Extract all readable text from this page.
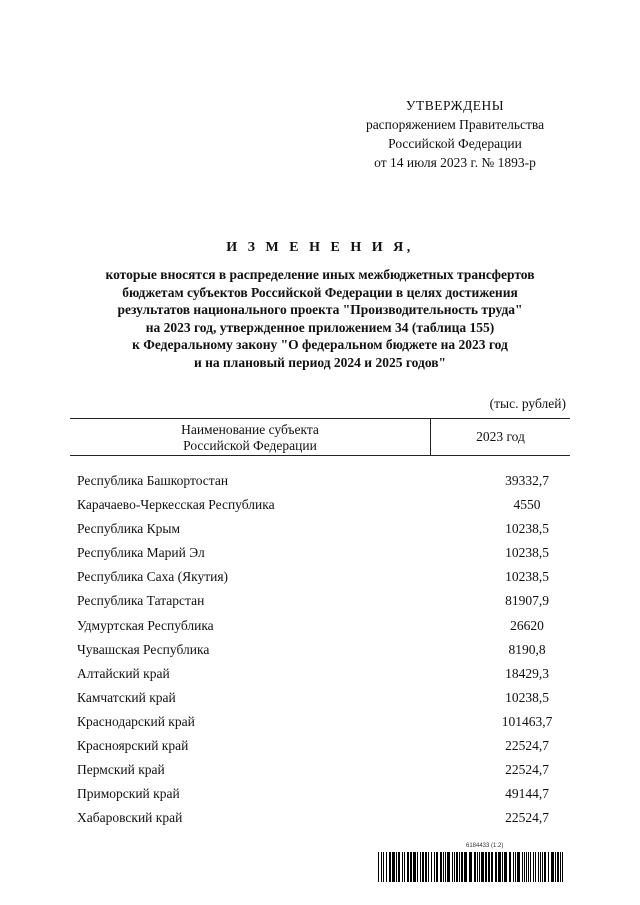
УТВЕРЖДЕНЫ
распоряжением Правительства
Российской Федерации
от 14 июля 2023 г. № 1893-р
И З М Е Н Е Н И Я,
которые вносятся в распределение иных межбюджетных трансфертов
бюджетам субъектов Российской Федерации в целях достижения
результатов национального проекта "Производительность труда"
на 2023 год, утвержденное приложением 34 (таблица 155)
к Федеральному закону "О федеральном бюджете на 2023 год
и на плановый период 2024 и 2025 годов"
(тыс. рублей)
Наименование субъекта
Российской Федерации
2023 год
Республика Башкортостан	39332,7
Карачаево-Черкесская Республика	4550
Республика Крым	10238,5
Республика Марий Эл	10238,5
Республика Саха (Якутия)	10238,5
Республика Татарстан	81907,9
Удмуртская Республика	26620
Чувашская Республика	8190,8
Алтайский край	18429,3
Камчатский край	10238,5
Краснодарский край	101463,7
Красноярский край	22524,7
Пермский край	22524,7
Приморский край	49144,7
Хабаровский край	22524,7
6184433 (1.2)
